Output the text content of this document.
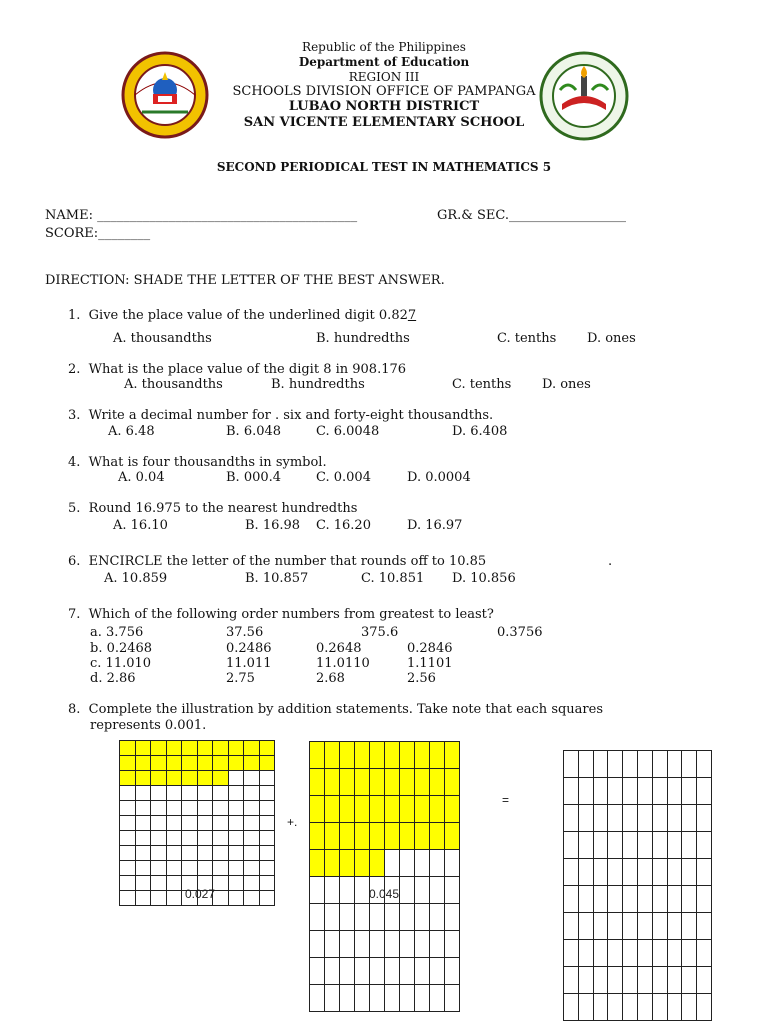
Republic of the Philippines
Department of Education
REGION III
SCHOOLS DIVISION OFFICE OF PAMPANGA
LUBAO NORTH DISTRICT
SAN VICENTE ELEMENTARY SCHOOL
SECOND PERIODICAL TEST IN MATHEMATICS 5
NAME: ________________________________________	GR.& SEC.__________________
SCORE:________
DIRECTION: SHADE THE LETTER OF THE BEST ANSWER.
1. Give the place value of the underlined digit 0.827
A. thousandths	B. hundredths	C. tenths D. ones
2. What is the place value of the digit 8 in 908.176
A. thousandths	B. hundredths	C. tenths D. ones
3. Write a decimal number for . six and forty-eight thousandths.
A. 6.48	B. 6.048	C. 6.0048	D. 6.408
4.  What is four thousandths in symbol.
A. 0.04	B. 000.4	C. 0.004	D. 0.0004
5. Round 16.975 to the nearest hundredths
A. 16.10	B. 16.98 C. 16.20	D. 16.97
6. ENCIRCLE the letter of the number that rounds off to 10.85	.
A. 10.859	B. 10.857	C. 10.851 D. 10.856
7. Which of the following order numbers from greatest to least?
a. 3.756	37.56	375.6	0.3756
b. 0.2468	0.2486	0.2648	0.2846
c. 11.010	11.011	11.0110	1.1101
d. 2.86	2.75	2.68	2.56
8. Complete the illustration by addition statements. Take note that each squares
represents 0.001.
0.027
+.
0.045
=
